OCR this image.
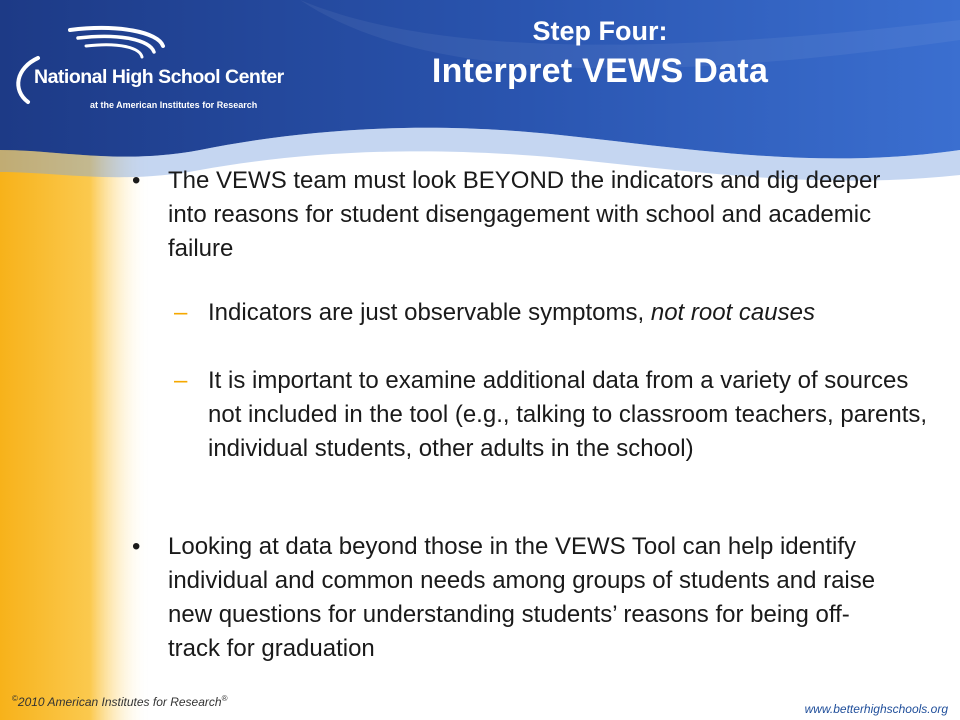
National High School Center
at the American Institutes for Research
Step Four:
Interpret VEWS Data
• The VEWS team must look BEYOND the indicators and dig deeper into reasons for student disengagement with school and academic failure
– Indicators are just observable symptoms, not root causes
– It is important to examine additional data from a variety of sources not included in the tool (e.g., talking to classroom teachers, parents, individual students, other adults in the school)
• Looking at data beyond those in the VEWS Tool can help identify individual and common needs among groups of students and raise new questions for understanding students’ reasons for being off-track for graduation
©2010 American Institutes for Research®
www.betterhighschools.org
